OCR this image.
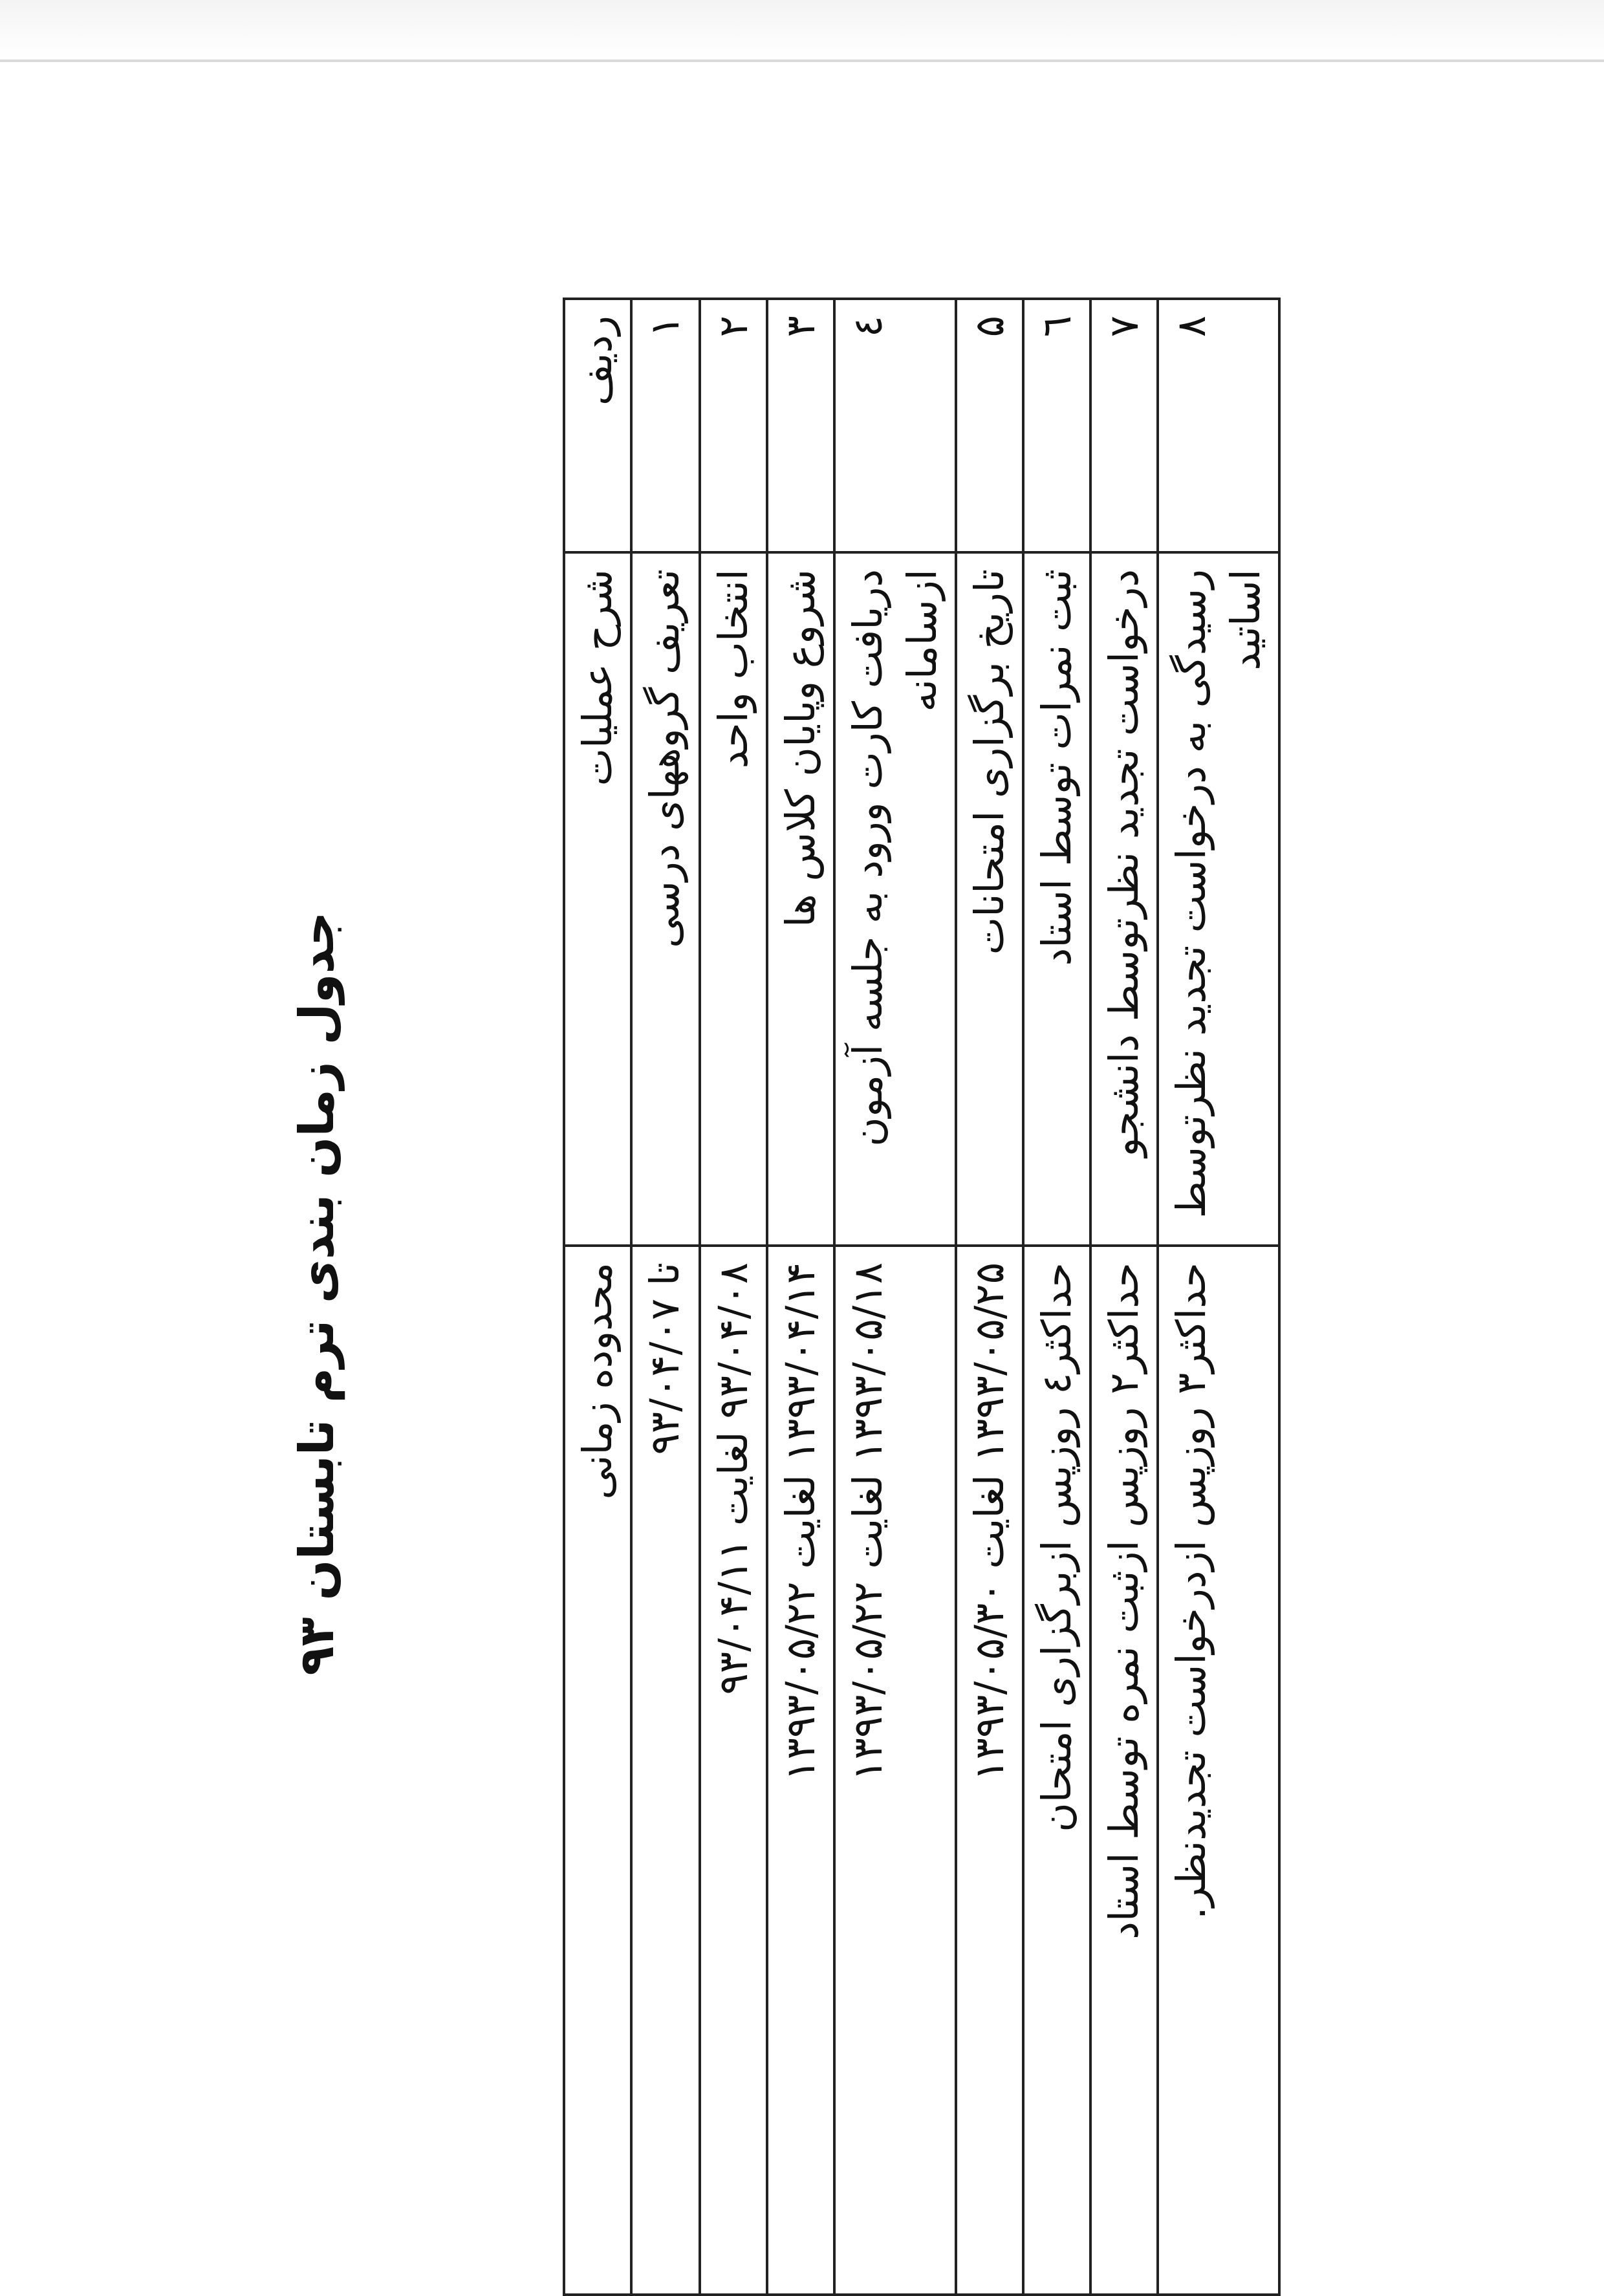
جدول زمان بندی ترم تابستان ۹۳
ردیف	شرح عملیات	محدوده زمانی
۱	تعریف گروههای درسی	تا ۹۳/۰۴/۰۷
۲	انتخاب واحد	۹۳/۰۴/۰۸ لغایت ۹۳/۰۴/۱۱
۳	شروع وپایان کلاس ها	۱۳۹۳/۰۴/۱۴ لغایت ۱۳۹۳/۰۵/۲۲
٤	دریافت کارت ورود به جلسه آزمون ازسامانه	۱۳۹۳/۰۵/۱۸ لغایت ۱۳۹۳/۰۵/۲۲
۵	تاریخ برگزاری امتحانات	۱۳۹۳/۰۵/۲۵ لغایت ۱۳۹۳/۰۵/۳۰
٦	ثبت نمرات توسط استاد	حداکثر٤ روزپس ازبرگزاری امتحان
۷	درخواست تجدید نظرتوسط دانشجو	حداکثر۲ روزپس ازثبت نمره توسط استاد
۸	رسیدگی به درخواست تجدید نظرتوسط اساتید	حداکثر۳ روزپس ازدرخواست تجدیدنظر.
